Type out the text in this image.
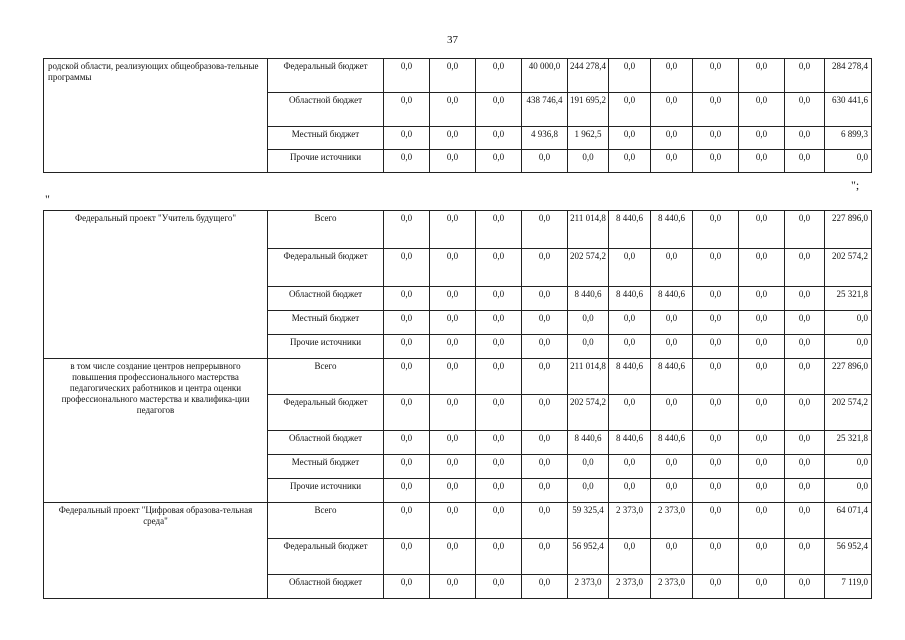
37
родской области, реализующих общеобразова-тельные программы	Федеральный бюджет	0,0	0,0	0,0	40 000,0	244 278,4	0,0	0,0	0,0	0,0	0,0	284 278,4
	Областной бюджет	0,0	0,0	0,0	438 746,4	191 695,2	0,0	0,0	0,0	0,0	0,0	630 441,6
	Местный бюджет	0,0	0,0	0,0	4 936,8	1 962,5	0,0	0,0	0,0	0,0	0,0	6 899,3
	Прочие источники	0,0	0,0	0,0	0,0	0,0	0,0	0,0	0,0	0,0	0,0	0,0
";
"
Федеральный проект "Учитель будущего"	Всего	0,0	0,0	0,0	0,0	211 014,8	8 440,6	8 440,6	0,0	0,0	0,0	227 896,0
	Федеральный бюджет	0,0	0,0	0,0	0,0	202 574,2	0,0	0,0	0,0	0,0	0,0	202 574,2
	Областной бюджет	0,0	0,0	0,0	0,0	8 440,6	8 440,6	8 440,6	0,0	0,0	0,0	25 321,8
	Местный бюджет	0,0	0,0	0,0	0,0	0,0	0,0	0,0	0,0	0,0	0,0	0,0
	Прочие источники	0,0	0,0	0,0	0,0	0,0	0,0	0,0	0,0	0,0	0,0	0,0
в том числе создание центров непрерывного повышения профессионального мастерства педагогических работников и центра оценки профессионального мастерства и квалифика-ции педагогов	Всего	0,0	0,0	0,0	0,0	211 014,8	8 440,6	8 440,6	0,0	0,0	0,0	227 896,0
	Федеральный бюджет	0,0	0,0	0,0	0,0	202 574,2	0,0	0,0	0,0	0,0	0,0	202 574,2
	Областной бюджет	0,0	0,0	0,0	0,0	8 440,6	8 440,6	8 440,6	0,0	0,0	0,0	25 321,8
	Местный бюджет	0,0	0,0	0,0	0,0	0,0	0,0	0,0	0,0	0,0	0,0	0,0
	Прочие источники	0,0	0,0	0,0	0,0	0,0	0,0	0,0	0,0	0,0	0,0	0,0
Федеральный проект "Цифровая образова-тельная среда"	Всего	0,0	0,0	0,0	0,0	59 325,4	2 373,0	2 373,0	0,0	0,0	0,0	64 071,4
	Федеральный бюджет	0,0	0,0	0,0	0,0	56 952,4	0,0	0,0	0,0	0,0	0,0	56 952,4
	Областной бюджет	0,0	0,0	0,0	0,0	2 373,0	2 373,0	2 373,0	0,0	0,0	0,0	7 119,0
